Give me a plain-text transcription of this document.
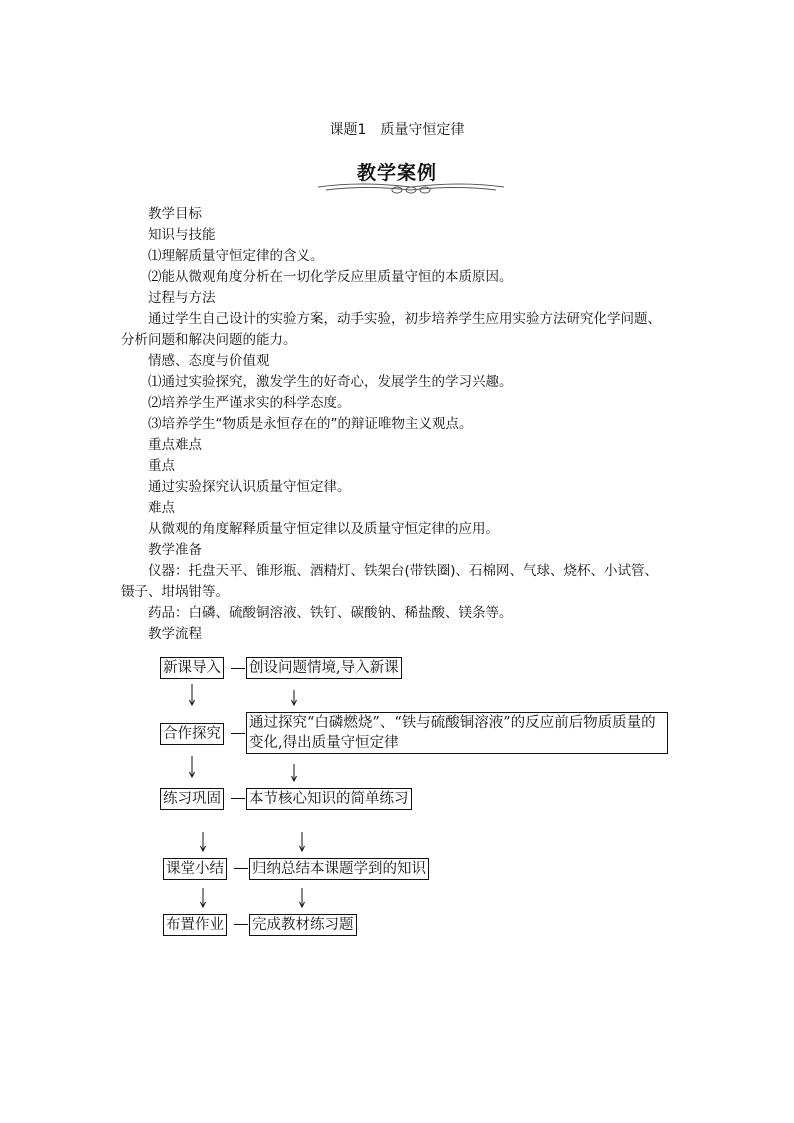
课题1　质量守恒定律
教学案例
教学目标
知识与技能
⑴理解质量守恒定律的含义。
⑵能从微观角度分析在一切化学反应里质量守恒的本质原因。
过程与方法
通过学生自己设计的实验方案，动手实验，初步培养学生应用实验方法研究化学问题、
分析问题和解决问题的能力。
情感、态度与价值观
⑴通过实验探究，激发学生的好奇心，发展学生的学习兴趣。
⑵培养学生严谨求实的科学态度。
⑶培养学生“物质是永恒存在的”的辩证唯物主义观点。
重点难点
重点
通过实验探究认识质量守恒定律。
难点
从微观的角度解释质量守恒定律以及质量守恒定律的应用。
教学准备
仪器：托盘天平、锥形瓶、酒精灯、铁架台(带铁圈)、石棉网、气球、烧杯、小试管、
镊子、坩埚钳等。
药品：白磷、硫酸铜溶液、铁钉、碳酸钠、稀盐酸、镁条等。
教学流程
新课导入 创设问题情境,导入新课
合作探究
通过探究“白磷燃烧”、“铁与硫酸铜溶液”的反应前后物质质量的变化,得出质量守恒定律
练习巩固 本节核心知识的简单练习
课堂小结 归纳总结本课题学到的知识
布置作业 完成教材练习题
